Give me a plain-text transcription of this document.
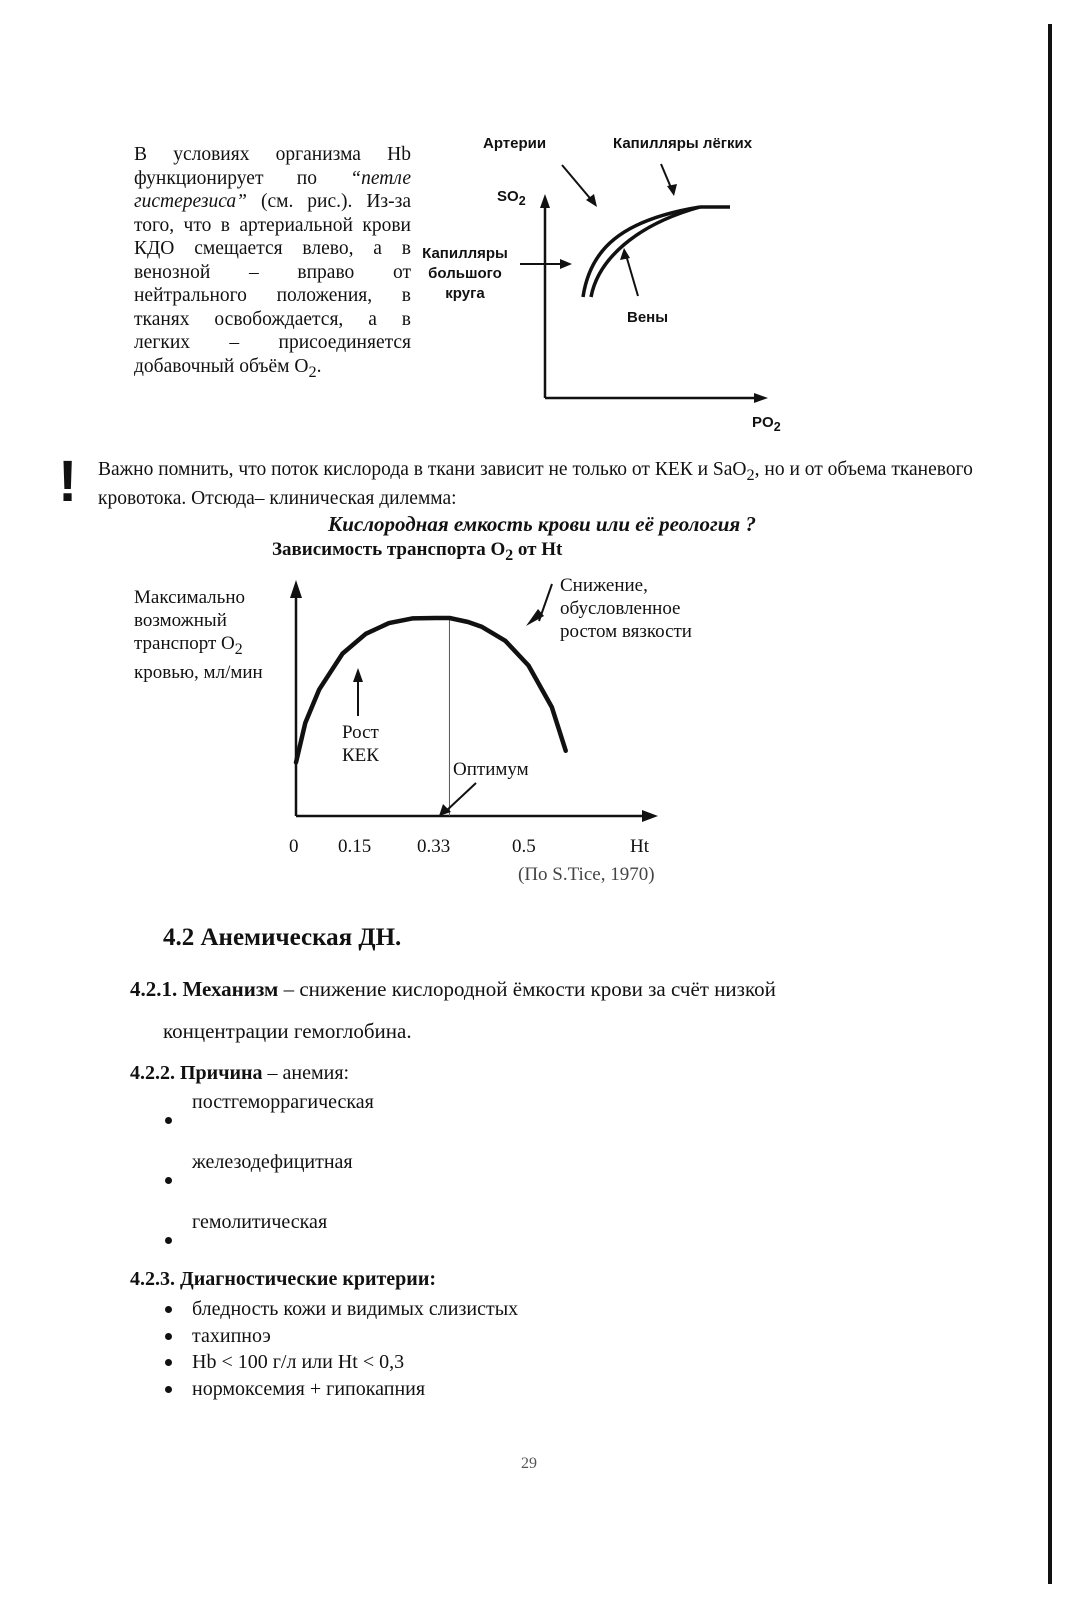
В условиях организма Hb функционирует по “петле гистерезиса” (см. рис.). Из-за того, что в артериальной крови КДО смещается влево, а в венозной – вправо от нейтрального положения, в тканях освобождается, а в легких – присоединяется добавочный объём $O_2$.
Артерии	Капилляры лёгких
$SO_2$
Капилляры
большого
круга
Вены
$PO_2$
! Важно помнить, что поток кислорода в ткани зависит не только от КЕК и SaO$_2$, но и от объема тканевого кровотока. Отсюда– клиническая дилемма:
Кислородная емкость крови или её реология ?
Зависимость транспорта $O_2$ от Ht
Максимально
возможный
транспорт $O_2$
кровью, мл/мин
Снижение,
обусловленное
ростом вязкости
Рост
КЕК
Оптимум
0 0.15 0.33	0.5	Ht
(По S.Tice, 1970)
4.2 Анемическая ДН.
4.2.1. Механизм – снижение кислородной ёмкости крови за счёт низкой
концентрации гемоглобина.
4.2.2. Причина – анемия:
постгеморрагическая
железодефицитная
гемолитическая
4.2.3. Диагностические критерии:
бледность кожи и видимых слизистых
тахипноэ
Hb < 100 г/л или Ht < 0,3
нормоксемия + гипокапния
29
